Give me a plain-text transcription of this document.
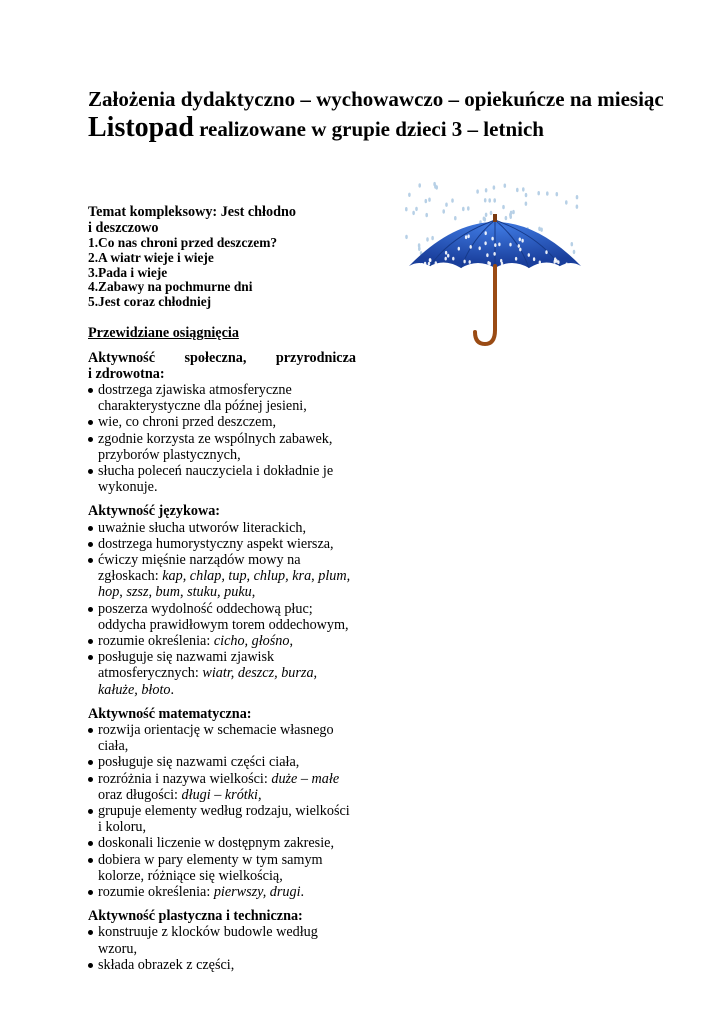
Założenia dydaktyczno – wychowawczo – opiekuńcze na miesiąc
Listopad realizowane w grupie dzieci 3 – letnich
Temat kompleksowy: Jest chłodno
i deszczowo
1.Co nas chroni przed deszczem?
2.A wiatr wieje i wieje
3.Pada i wieje
4.Zabawy na pochmurne dni
5.Jest coraz chłodniej
Przewidziane osiągnięcia
Aktywność społeczna, przyrodnicza
i zdrowotna:
dostrzega zjawiska atmosferyczne charakterystyczne dla późnej jesieni,
wie, co chroni przed deszczem,
zgodnie korzysta ze wspólnych zabawek, przyborów plastycznych,
słucha poleceń nauczyciela i dokładnie je wykonuje.
Aktywność językowa:
uważnie słucha utworów literackich,
dostrzega humorystyczny aspekt wiersza,
ćwiczy mięśnie narządów mowy na zgłoskach: kap, chlap, tup, chlup, kra, plum, hop, szsz, bum, stuku, puku,
poszerza wydolność oddechową płuc; oddycha prawidłowym torem oddechowym,
rozumie określenia: cicho, głośno,
posługuje się nazwami zjawisk atmosferycznych: wiatr, deszcz, burza, kałuże, błoto.
Aktywność matematyczna:
rozwija orientację w schemacie własnego ciała,
posługuje się nazwami części ciała,
rozróżnia i nazywa wielkości: duże – małe oraz długości: długi – krótki,
grupuje elementy według rodzaju, wielkości i koloru,
doskonali liczenie w dostępnym zakresie,
dobiera w pary elementy w tym samym kolorze, różniące się wielkością,
rozumie określenia: pierwszy, drugi.
Aktywność plastyczna i techniczna:
konstruuje z klocków budowle według wzoru,
składa obrazek z części,
